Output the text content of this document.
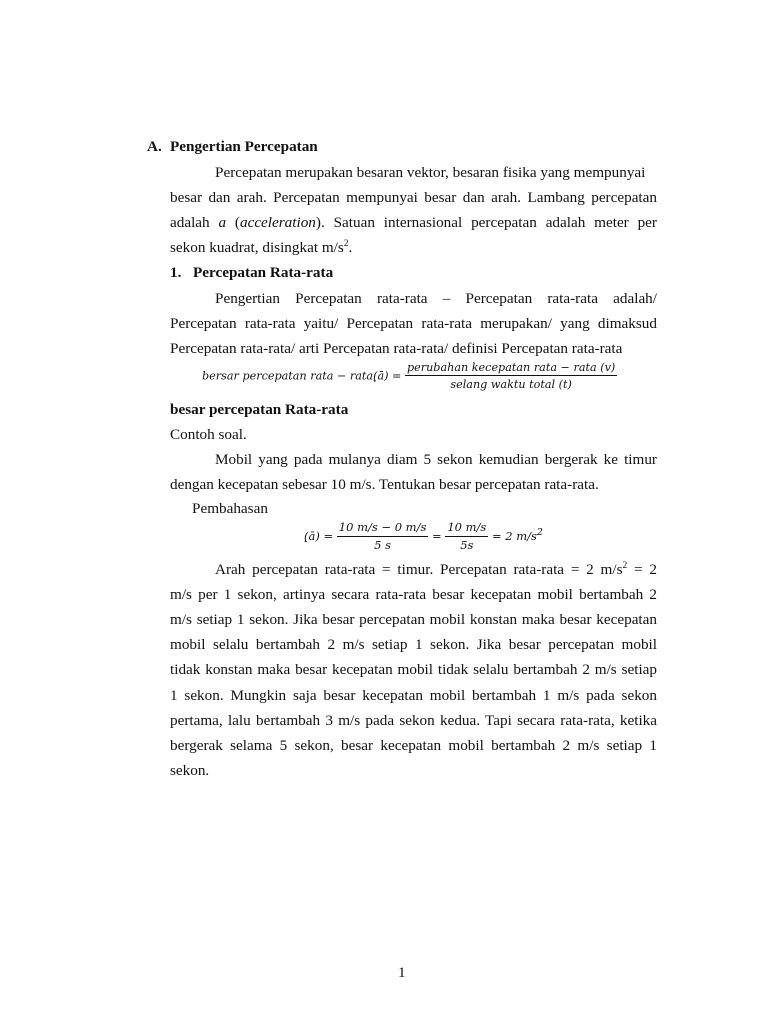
A. Pengertian Percepatan
Percepatan merupakan besaran vektor, besaran fisika yang mempunyai
besar dan arah. Percepatan mempunyai besar dan arah. Lambang percepatan
adalah a (acceleration). Satuan internasional percepatan adalah meter per
sekon kuadrat, disingkat $m/s^2$.
1. Percepatan Rata-rata
Pengertian Percepatan rata-rata – Percepatan rata-rata adalah/
Percepatan rata-rata yaitu/ Percepatan rata-rata merupakan/ yang dimaksud
Percepatan rata-rata/ arti Percepatan rata-rata/ definisi Percepatan rata-rata
bersar percepatan rata − rata(̨ā) = $\frac{\text{perubahan kecepatan rata − rata (v)}}{\text{selang waktu total (t)}}$
besar percepatan Rata-rata
Contoh soal.
Mobil yang pada mulanya diam 5 sekon kemudian bergerak ke timur
dengan kecepatan sebesar 10 m/s. Tentukan besar percepatan rata-rata.
Pembahasan
(̨ā) = $\frac{10 m/s - 0 m/s}{5 s} = \frac{10 m/s}{5s} = 2$ $m/s^2$
Arah percepatan rata-rata = timur. Percepatan rata-rata = 2 $m/s^2 = 2$
m/s per 1 sekon, artinya secara rata-rata besar kecepatan mobil bertambah 2
m/s setiap 1 sekon. Jika besar percepatan mobil konstan maka besar kecepatan
mobil selalu bertambah 2 m/s setiap 1 sekon. Jika besar percepatan mobil
tidak konstan maka besar kecepatan mobil tidak selalu bertambah 2 m/s setiap
1 sekon. Mungkin saja besar kecepatan mobil bertambah 1 m/s pada sekon
pertama, lalu bertambah 3 m/s pada sekon kedua. Tapi secara rata-rata, ketika
bergerak selama 5 sekon, besar kecepatan mobil bertambah 2 m/s setiap 1
sekon.
1
